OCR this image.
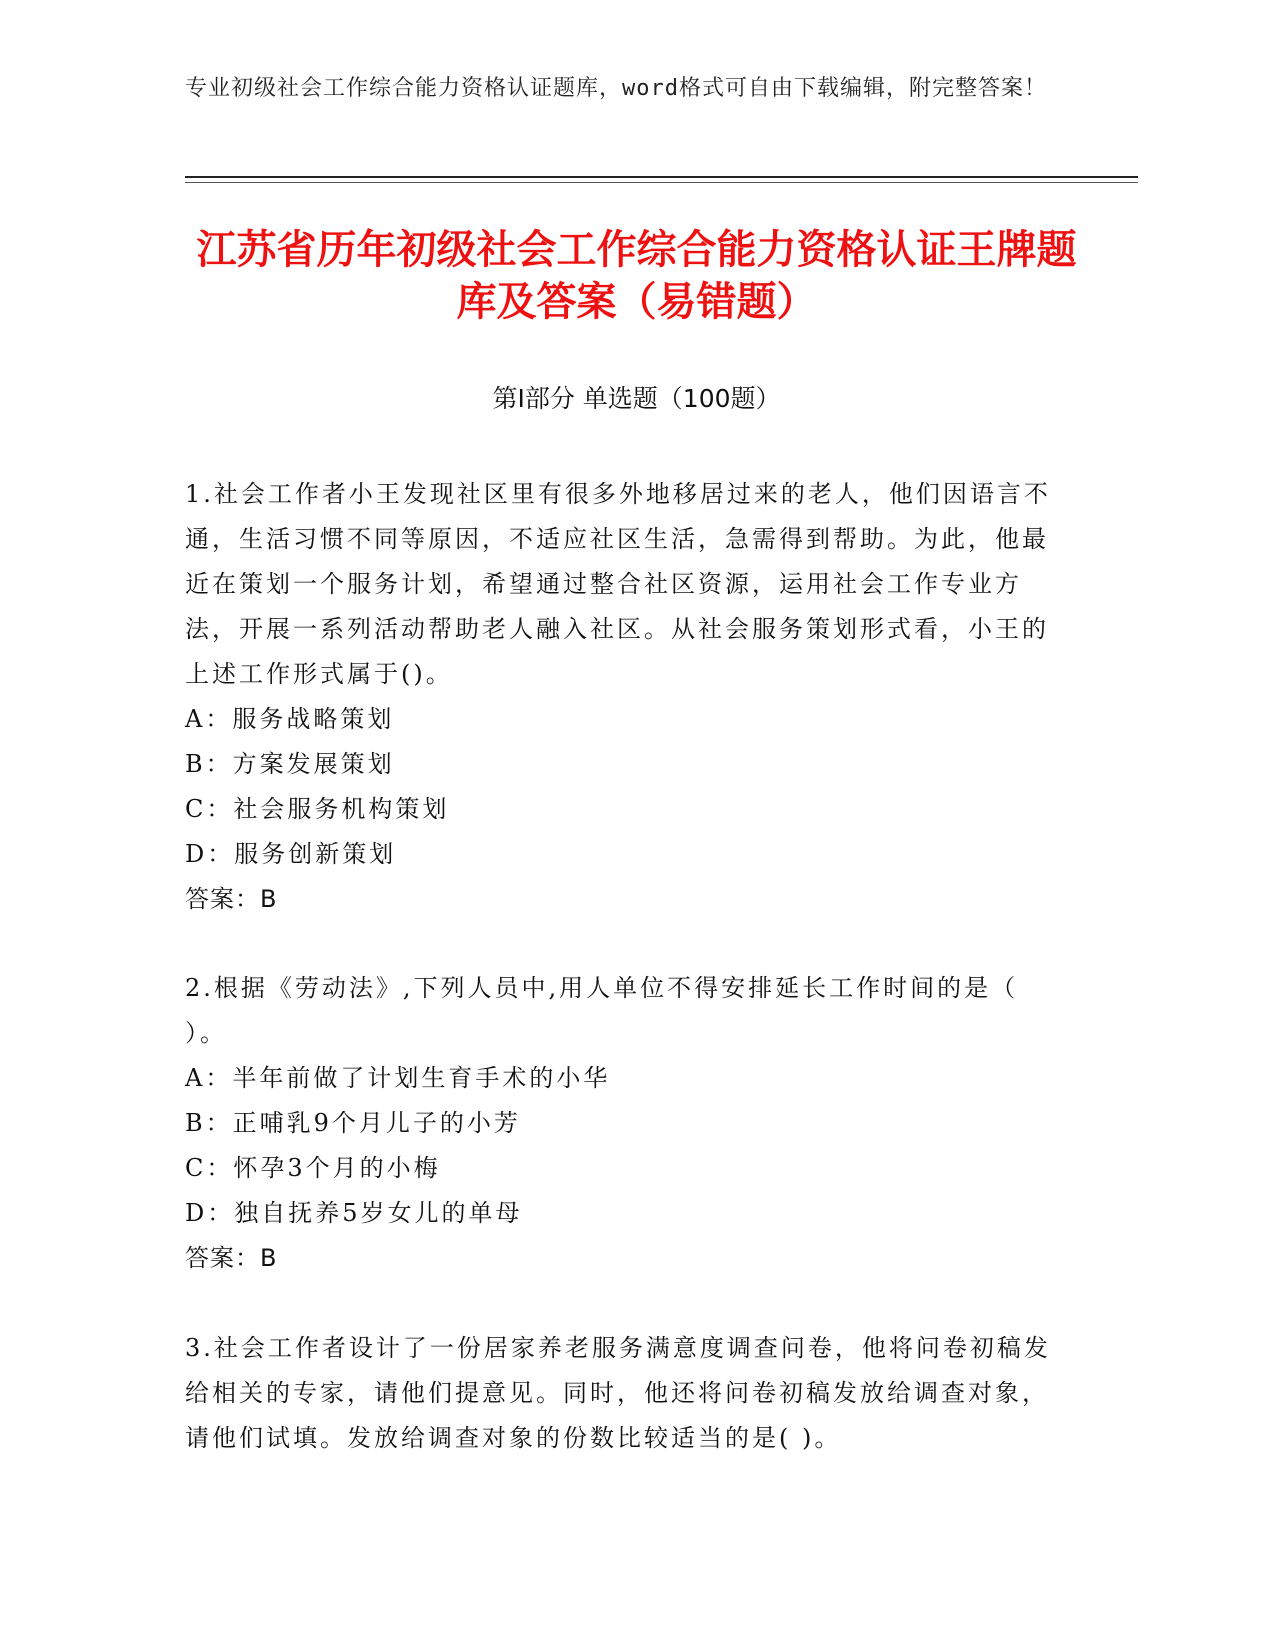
专业初级社会工作综合能力资格认证题库，word格式可自由下载编辑，附完整答案！
江苏省历年初级社会工作综合能力资格认证王牌题库及答案（易错题）
第Ⅰ部分 单选题（100题）

1.社会工作者小王发现社区里有很多外地移居过来的老人，他们因语言不通，生活习惯不同等原因，不适应社区生活，急需得到帮助。为此，他最近在策划一个服务计划，希望通过整合社区资源，运用社会工作专业方法，开展一系列活动帮助老人融入社区。从社会服务策划形式看，小王的上述工作形式属于()。

A：服务战略策划

B：方案发展策划

C：社会服务机构策划

D：服务创新策划

答案：B

2.根据《劳动法》,下列人员中,用人单位不得安排延长工作时间的是（ ）。

A：半年前做了计划生育手术的小华

B：正哺乳9个月儿子的小芳

C：怀孕3个月的小梅

D：独自抚养5岁女儿的单母

答案：B

3.社会工作者设计了一份居家养老服务满意度调查问卷，他将问卷初稿发给相关的专家，请他们提意见。同时，他还将问卷初稿发放给调查对象，请他们试填。发放给调查对象的份数比较适当的是( )。
